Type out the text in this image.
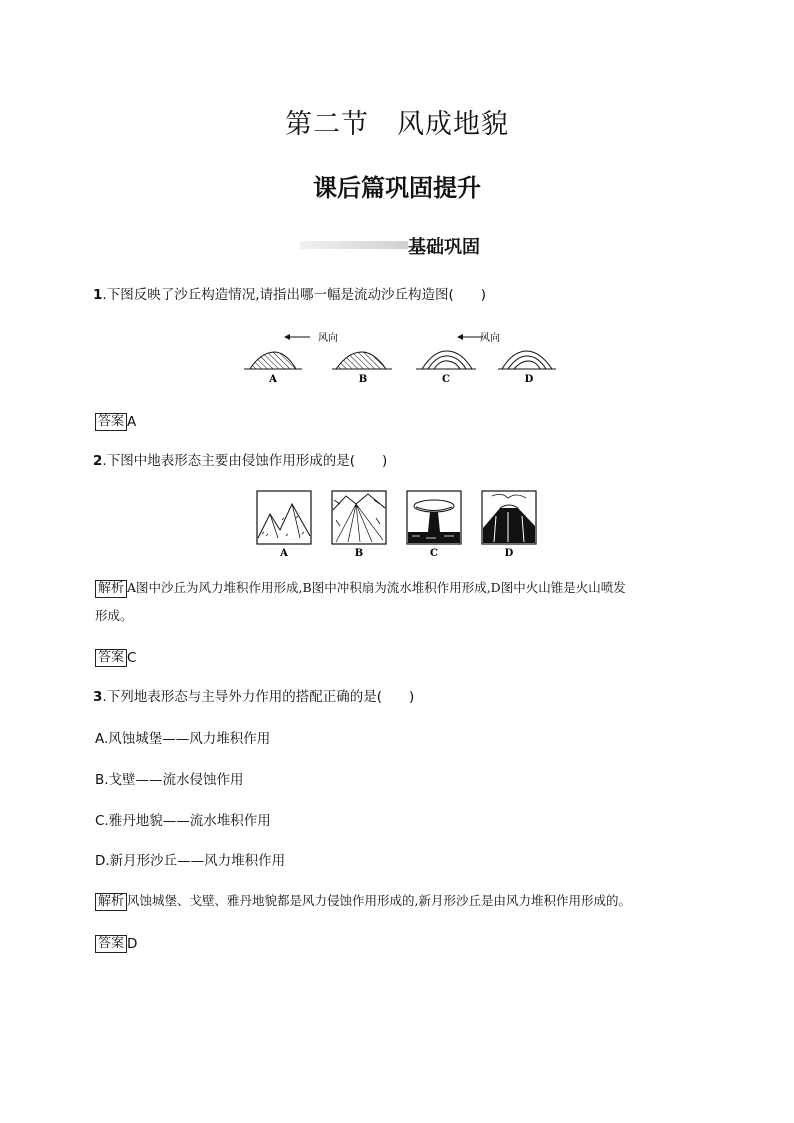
第二节　风成地貌
课后篇巩固提升
基础巩固
1.下图反映了沙丘构造情况,请指出哪一幅是流动沙丘构造图(　　)
风向	风向
A	B	C	D
答案 A
2.下图中地表形态主要由侵蚀作用形成的是(　　)
A	B	C	D
解析 A图中沙丘为风力堆积作用形成,B图中冲积扇为流水堆积作用形成,D图中火山锥是火山喷发
形成。
答案 C
3.下列地表形态与主导外力作用的搭配正确的是(　　)
A.风蚀城堡——风力堆积作用
B.戈壁——流水侵蚀作用
C.雅丹地貌——流水堆积作用
D.新月形沙丘——风力堆积作用
解析 风蚀城堡、戈壁、雅丹地貌都是风力侵蚀作用形成的,新月形沙丘是由风力堆积作用形成的。
答案 D
